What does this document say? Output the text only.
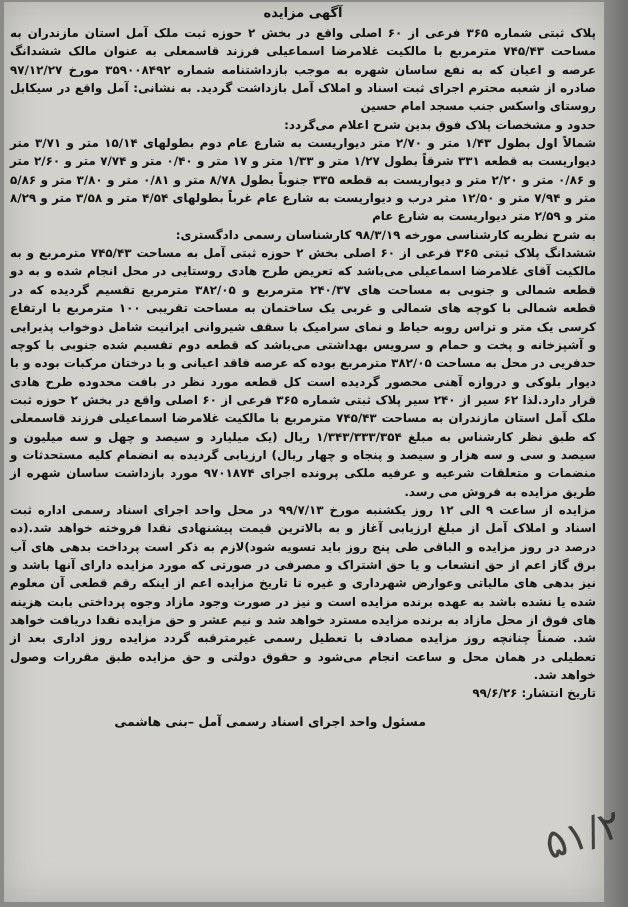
آگهی مزایده

پلاک ثبتی شماره ۳۶۵ فرعی از ۶۰ اصلی واقع در بخش ۲ حوزه ثبت ملک آمل استان مازندران به مساحت ۷۴۵/۴۳ مترمربع با مالکیت غلامرضا اسماعیلی فرزند قاسمعلی به عنوان مالک ششدانگ عرصه و اعیان که به نفع ساسان شهره به موجب بازداشتنامه شماره ۳۵۹۰۰۸۴۹۲ مورخ ۹۷/۱۲/۲۷ صادره از شعبه محترم اجرای ثبت اسناد و املاک آمل بازداشت گردید. به نشانی: آمل واقع در سیکابل روستای واسکس جنب مسجد امام حسین

حدود و مشخصات پلاک فوق بدین شرح اعلام می‌گردد:

شمالاً اول بطول ۱/۴۳ متر و ۲/۷۰ متر دیواریست به شارع عام دوم بطولهای ۱۵/۱۴ متر و ۳/۷۱ متر دیواریست به قطعه ۳۳۱ شرقاً بطول ۱/۲۷ متر و ۱/۳۳ متر و ۱۷ متر و ۰/۴۰ متر و ۷/۷۴ متر و ۲/۶۰ متر و ۰/۸۶ متر و ۲/۲۰ متر و دیواریست به قطعه ۳۳۵ جنوباً بطول ۸/۷۸ متر و ۰/۸۱ متر و ۳/۸۰ متر و ۵/۸۶ متر و ۷/۹۴ متر و ۱۲/۵۰ متر درب و دیواریست به شارع عام غرباً بطولهای ۴/۵۴ متر و ۳/۵۸ متر و ۸/۲۹ متر و ۲/۵۹ متر دیواریست به شارع عام

به شرح نظریه کارشناسی مورخه ۹۸/۳/۱۹ کارشناسان رسمی دادگستری:

ششدانگ پلاک ثبتی ۳۶۵ فرعی از ۶۰ اصلی بخش ۲ حوزه ثبتی آمل به مساحت ۷۴۵/۴۳ مترمربع و به مالکیت آقای غلامرضا اسماعیلی می‌باشد که تعریض طرح هادی روستایی در محل انجام شده و به دو قطعه شمالی و جنوبی به مساحت های ۲۴۰/۳۷ مترمربع و ۳۸۲/۰۵ مترمربع تقسیم گردیده که در قطعه شمالی با کوچه های شمالی و غربی یک ساختمان به مساحت تقریبی ۱۰۰ مترمربع با ارتفاع کرسی یک متر و تراس روبه حیاط و نمای سرامیک با سقف شیروانی ایرانیت شامل دوخواب پذیرایی و آشپزخانه و پخت و حمام و سرویس بهداشتی می‌باشد که قطعه دوم تقسیم شده جنوبی با کوچه حدفریی در محل به مساحت ۳۸۲/۰۵ مترمربع بوده که عرصه فاقد اعیانی و با درختان مرکبات بوده و با دیوار بلوکی و دروازه آهنی محصور گردیده است کل قطعه مورد نظر در بافت محدوده طرح هادی قرار دارد.لذا ۶۲ سیر از ۲۴۰ سیر پلاک ثبتی شماره ۳۶۵ فرعی از ۶۰ اصلی واقع در بخش ۲ حوزه ثبت ملک آمل استان مازندران به مساحت ۷۴۵/۴۳ مترمربع با مالکیت غلامرضا اسماعیلی فرزند قاسمعلی که طبق نظر کارشناس به مبلغ ۱/۳۴۳/۳۳۳/۳۵۴ ریال (یک میلیارد و سیصد و چهل و سه میلیون و سیصد و سی و سه هزار و سیصد و پنجاه و چهار ریال) ارزیابی گردیده به انضمام کلیه مستحدثات و منضمات و متعلقات شرعیه و عرفیه ملکی پرونده اجرای ۹۷۰۱۸۷۴ مورد بازداشت ساسان شهره از طریق مزایده به فروش می رسد.

مزایده از ساعت ۹ الی ۱۲ روز یکشنبه مورخ ۹۹/۷/۱۳ در محل واحد اجرای اسناد رسمی اداره ثبت اسناد و املاک آمل از مبلغ ارزیابی آغاز و به بالاترین قیمت پیشنهادی نقدا فروخته خواهد شد.(ده درصد در روز مزایده و الباقی طی پنج روز باید تسویه شود)لازم به ذکر است پرداخت بدهی های آب برق گاز اعم از حق انشعاب و یا حق اشتراک و مصرفی در صورتی که مورد مزایده دارای آنها باشد و نیز بدهی های مالیاتی وعوارض شهرداری و غیره تا تاریخ مزایده اعم از اینکه رقم قطعی آن معلوم شده یا نشده باشد به عهده برنده مزایده است و نیز در صورت وجود مازاد وجوه پرداختی بابت هزینه های فوق از محل مازاد به برنده مزایده مسترد خواهد شد و نیم عشر و حق مزایده نقدا دریافت خواهد شد. ضمناً چنانچه روز مزایده مصادف با تعطیل رسمی غیرمترقبه گردد مزایده روز اداری بعد از تعطیلی در همان محل و ساعت انجام می‌شود و حقوق دولتی و حق مزایده طبق مقررات وصول خواهد شد.

تاریخ انتشار: ۹۹/۶/۲۶

مسئول واحد اجرای اسناد رسمی آمل –بنی هاشمی

۵۱/۲
